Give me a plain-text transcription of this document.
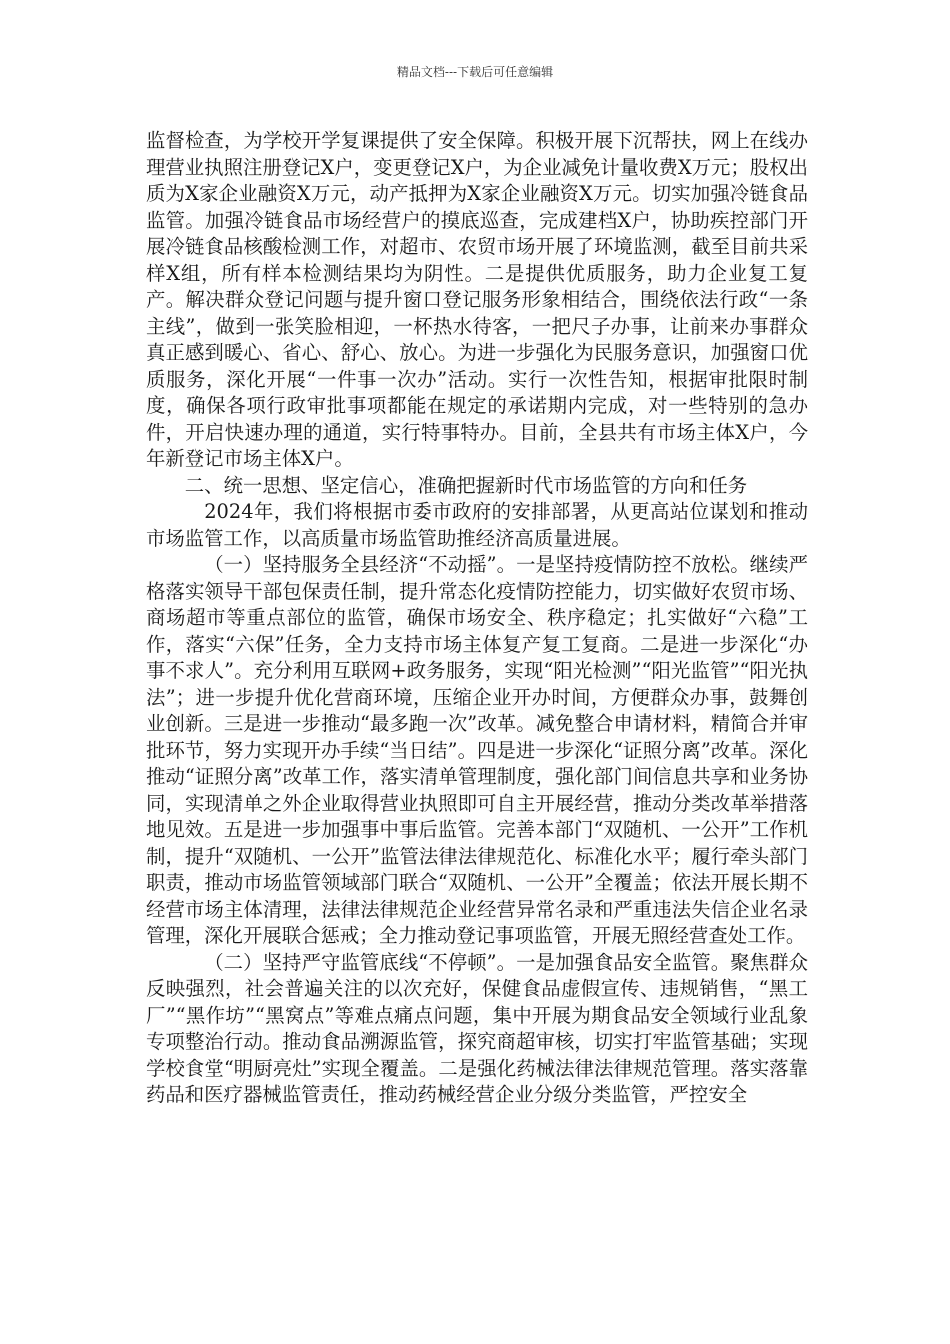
精品文档---下载后可任意编辑

监督检查，为学校开学复课提供了安全保障。积极开展下沉帮扶，网上在线办理营业执照注册登记X户，变更登记X户，为企业减免计量收费X万元；股权出质为X家企业融资X万元，动产抵押为X家企业融资X万元。切实加强冷链食品监管。加强冷链食品市场经营户的摸底巡查，完成建档X户，协助疾控部门开展冷链食品核酸检测工作，对超市、农贸市场开展了环境监测，截至目前共采样X组，所有样本检测结果均为阴性。二是提供优质服务，助力企业复工复产。解决群众登记问题与提升窗口登记服务形象相结合，围绕依法行政“一条主线”，做到一张笑脸相迎，一杯热水待客，一把尺子办事，让前来办事群众真正感到暖心、省心、舒心、放心。为进一步强化为民服务意识，加强窗口优质服务，深化开展“一件事一次办”活动。实行一次性告知，根据审批限时制度，确保各项行政审批事项都能在规定的承诺期内完成，对一些特别的急办件，开启快速办理的通道，实行特事特办。目前，全县共有市场主体X户，今年新登记市场主体X户。

二、统一思想、坚定信心，准确把握新时代市场监管的方向和任务

2024年，我们将根据市委市政府的安排部署，从更高站位谋划和推动市场监管工作，以高质量市场监管助推经济高质量进展。

（一）坚持服务全县经济“不动摇”。一是坚持疫情防控不放松。继续严格落实领导干部包保责任制，提升常态化疫情防控能力，切实做好农贸市场、商场超市等重点部位的监管，确保市场安全、秩序稳定；扎实做好“六稳”工作，落实“六保”任务，全力支持市场主体复产复工复商。二是进一步深化“办事不求人”。充分利用互联网+政务服务，实现“阳光检测”“阳光监管”“阳光执法”；进一步提升优化营商环境，压缩企业开办时间，方便群众办事，鼓舞创业创新。三是进一步推动“最多跑一次”改革。减免整合申请材料，精简合并审批环节，努力实现开办手续“当日结”。四是进一步深化“证照分离”改革。深化推动“证照分离”改革工作，落实清单管理制度，强化部门间信息共享和业务协同，实现清单之外企业取得营业执照即可自主开展经营，推动分类改革举措落地见效。五是进一步加强事中事后监管。完善本部门“双随机、一公开”工作机制，提升“双随机、一公开”监管法律法律规范化、标准化水平；履行牵头部门职责，推动市场监管领域部门联合“双随机、一公开”全覆盖；依法开展长期不经营市场主体清理，法律法律规范企业经营异常名录和严重违法失信企业名录管理，深化开展联合惩戒；全力推动登记事项监管，开展无照经营查处工作。

（二）坚持严守监管底线“不停顿”。一是加强食品安全监管。聚焦群众反映强烈，社会普遍关注的以次充好，保健食品虚假宣传、违规销售，“黑工厂”“黑作坊”“黑窝点”等难点痛点问题，集中开展为期食品安全领域行业乱象专项整治行动。推动食品溯源监管，探究商超审核，切实打牢监管基础；实现学校食堂“明厨亮灶”实现全覆盖。二是强化药械法律法律规范管理。落实落靠药品和医疗器械监管责任，推动药械经营企业分级分类监管，严控安全
